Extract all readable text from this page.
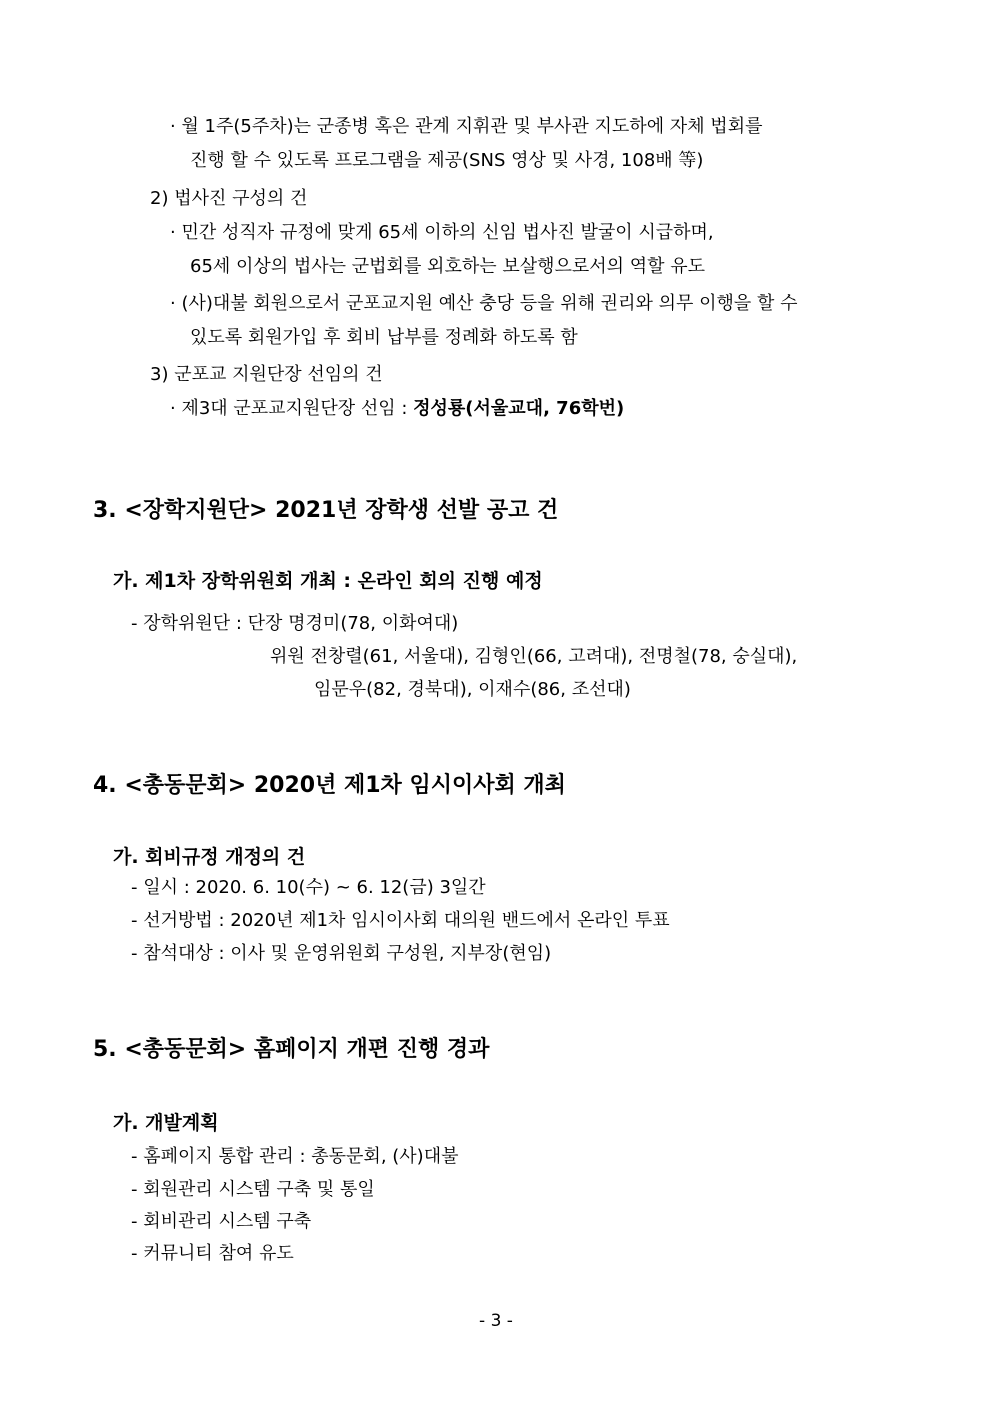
· 월 1주(5주차)는 군종병 혹은 관계 지휘관 및 부사관 지도하에 자체 법회를
진행 할 수 있도록 프로그램을 제공(SNS 영상 및 사경, 108배 等)
2) 법사진 구성의 건
· 민간 성직자 규정에 맞게 65세 이하의 신임 법사진 발굴이 시급하며,
65세 이상의 법사는 군법회를 외호하는 보살행으로서의 역할 유도
· (사)대불 회원으로서 군포교지원 예산 충당 등을 위해 권리와 의무 이행을 할 수
있도록 회원가입 후 회비 납부를 정례화 하도록 함
3) 군포교 지원단장 선임의 건
· 제3대 군포교지원단장 선임 : 정성룡(서울교대, 76학번)
3. <장학지원단> 2021년 장학생 선발 공고 건
가. 제1차 장학위원회 개최 : 온라인 회의 진행 예정
- 장학위원단 : 단장 명경미(78, 이화여대)
위원 전창렬(61, 서울대), 김형인(66, 고려대), 전명철(78, 숭실대),
임문우(82, 경북대), 이재수(86, 조선대)
4. <총동문회> 2020년 제1차 임시이사회 개최
가. 회비규정 개정의 건
- 일시 : 2020. 6. 10(수) ~ 6. 12(금) 3일간
- 선거방법 : 2020년 제1차 임시이사회 대의원 밴드에서 온라인 투표
- 참석대상 : 이사 및 운영위원회 구성원, 지부장(현임)
5. <총동문회> 홈페이지 개편 진행 경과
가. 개발계획
- 홈페이지 통합 관리 : 총동문회, (사)대불
- 회원관리 시스템 구축 및 통일
- 회비관리 시스템 구축
- 커뮤니티 참여 유도
- 3 -
